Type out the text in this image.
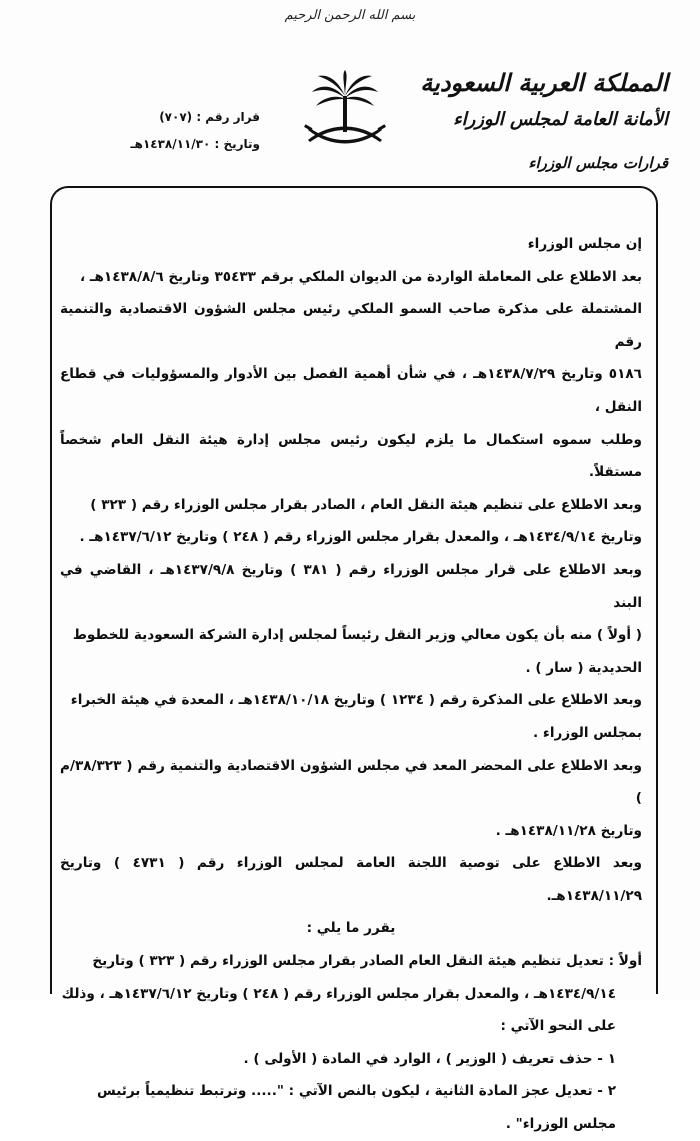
بسم الله الرحمن الرحيم
المملكة العربية السعودية
الأمانة العامة لمجلس الوزراء
قرارات مجلس الوزراء
قرار رقم : (٧٠٧)
وتاريخ : ١٤٣٨/١١/٣٠هـ

إن مجلس الوزراء

بعد الاطلاع على المعاملة الواردة من الديوان الملكي برقم ٣٥٤٣٣ وتاريخ ١٤٣٨/٨/٦هـ ،

المشتملة على مذكرة صاحب السمو الملكي رئيس مجلس الشؤون الاقتصادية والتنمية رقم

٥١٨٦ وتاريخ ١٤٣٨/٧/٢٩هـ ، في شأن أهمية الفصل بين الأدوار والمسؤوليات في قطاع النقل ،

وطلب سموه استكمال ما يلزم ليكون رئيس مجلس إدارة هيئة النقل العام شخصاً مستقلاً.

وبعد الاطلاع على تنظيم هيئة النقل العام ، الصادر بقرار مجلس الوزراء رقم ( ٣٢٣ )

وتاريخ ١٤٣٤/٩/١٤هـ ، والمعدل بقرار مجلس الوزراء رقم ( ٢٤٨ ) وتاريخ ١٤٣٧/٦/١٢هـ .

وبعد الاطلاع على قرار مجلس الوزراء رقم ( ٣٨١ ) وتاريخ ١٤٣٧/٩/٨هـ ، القاضي في البند

( أولاً ) منه بأن يكون معالي وزير النقل رئيساً لمجلس إدارة الشركة السعودية للخطوط

الحديدية ( سار ) .

وبعد الاطلاع على المذكرة رقم ( ١٢٣٤ ) وتاريخ ١٤٣٨/١٠/١٨هـ ، المعدة في هيئة الخبراء

بمجلس الوزراء .

وبعد الاطلاع على المحضر المعد في مجلس الشؤون الاقتصادية والتنمية رقم ( ٣٨/٣٢٣/م )

وتاريخ ١٤٣٨/١١/٢٨هـ .

وبعد الاطلاع على توصية اللجنة العامة لمجلس الوزراء رقم ( ٤٧٣١ ) وتاريخ ١٤٣٨/١١/٢٩هـ.

يقرر ما يلي :

أولاً : تعديل تنظيم هيئة النقل العام الصادر بقرار مجلس الوزراء رقم ( ٣٢٣ ) وتاريخ

١٤٣٤/٩/١٤هـ ، والمعدل بقرار مجلس الوزراء رقم ( ٢٤٨ ) وتاريخ ١٤٣٧/٦/١٢هـ ، وذلك

على النحو الآتي :

١ - حذف تعريف ( الوزير ) ، الوارد في المادة ( الأولى ) .

٢ - تعديل عجز المادة الثانية ، ليكون بالنص الآتي : "..... وترتبط تنظيمياً برئيس

مجلس الوزراء" .
